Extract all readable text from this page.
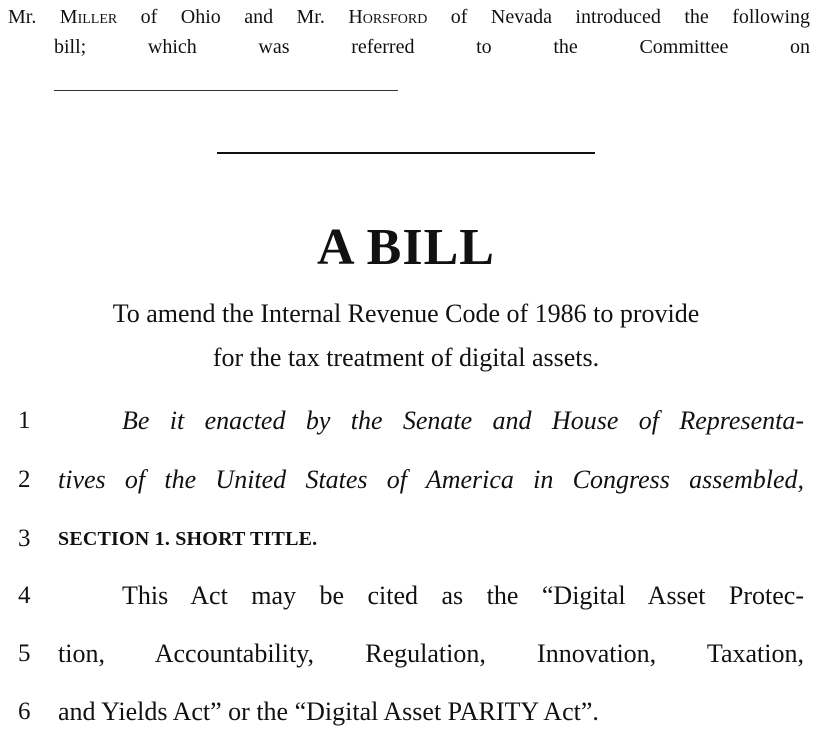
Mr. Miller of Ohio and Mr. Horsford of Nevada introduced the following
bill; which was referred to the Committee on
A BILL
To amend the Internal Revenue Code of 1986 to provide
for the tax treatment of digital assets.
1	Be it enacted by the Senate and House of Representa-
2	tives of the United States of America in Congress assembled,
3	SECTION 1. SHORT TITLE.
4	This Act may be cited as the “Digital Asset Protec-
5	tion, Accountability, Regulation, Innovation, Taxation,
6	and Yields Act” or the “Digital Asset PARITY Act”.
